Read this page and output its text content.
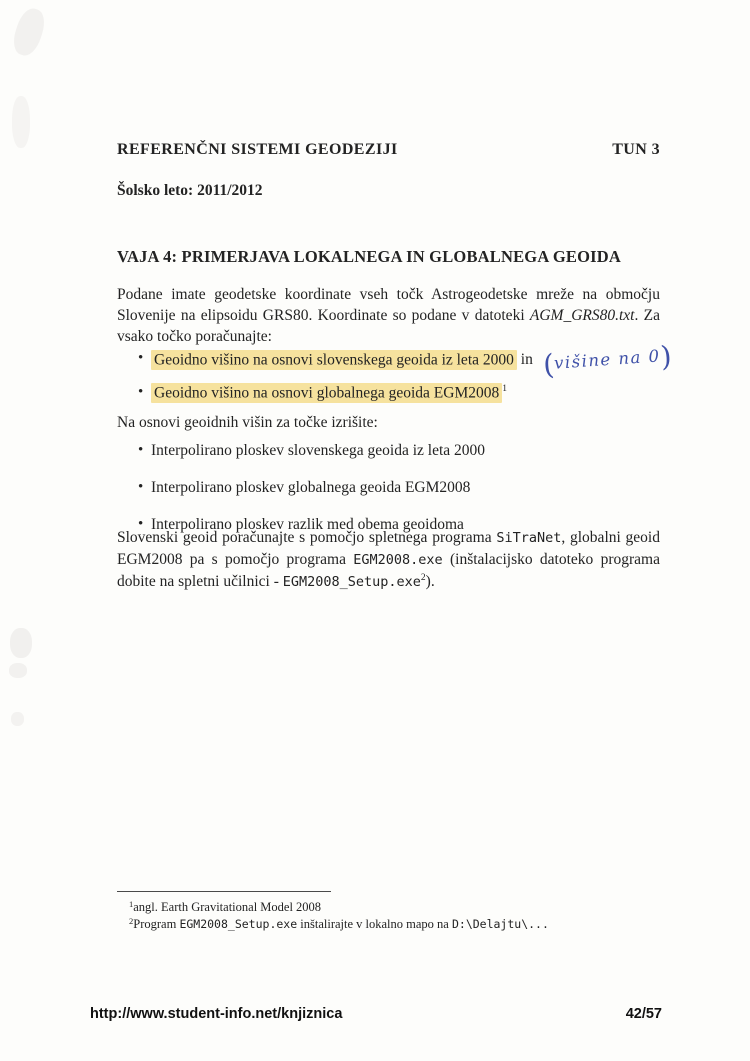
REFERENČNI SISTEMI GEODEZIJI	TUN 3
Šolsko leto: 2011/2012
VAJA 4: PRIMERJAVA LOKALNEGA IN GLOBALNEGA GEOIDA
Podane imate geodetske koordinate vseh točk Astrogeodetske mreže na območju Slovenije na elipsoidu GRS80. Koordinate so podane v datoteki AGM_GRS80.txt. Za vsako točko poračunajte:
• Geoidno višino na osnovi slovenskega geoida iz leta 2000 in (višine na 0)
• Geoidno višino na osnovi globalnega geoida EGM2008 $^1$
Na osnovi geoidnih višin za točke izrišite:
• Interpolirano ploskev slovenskega geoida iz leta 2000
• Interpolirano ploskev globalnega geoida EGM2008
• Interpolirano ploskev razlik med obema geoidoma
Slovenski geoid poračunajte s pomočjo spletnega programa SiTraNet, globalni geoid EGM2008 pa s pomočjo programa EGM2008.exe (inštalacijsko datoteko programa dobite na spletni učilnici - EGM2008_Setup.exe$^2$).
$^1$angl. Earth Gravitational Model 2008
$^2$Program EGM2008_Setup.exe inštalirajte v lokalno mapo na D:\Delajtu\...
http://www.student-info.net/knjiznica	42/57
